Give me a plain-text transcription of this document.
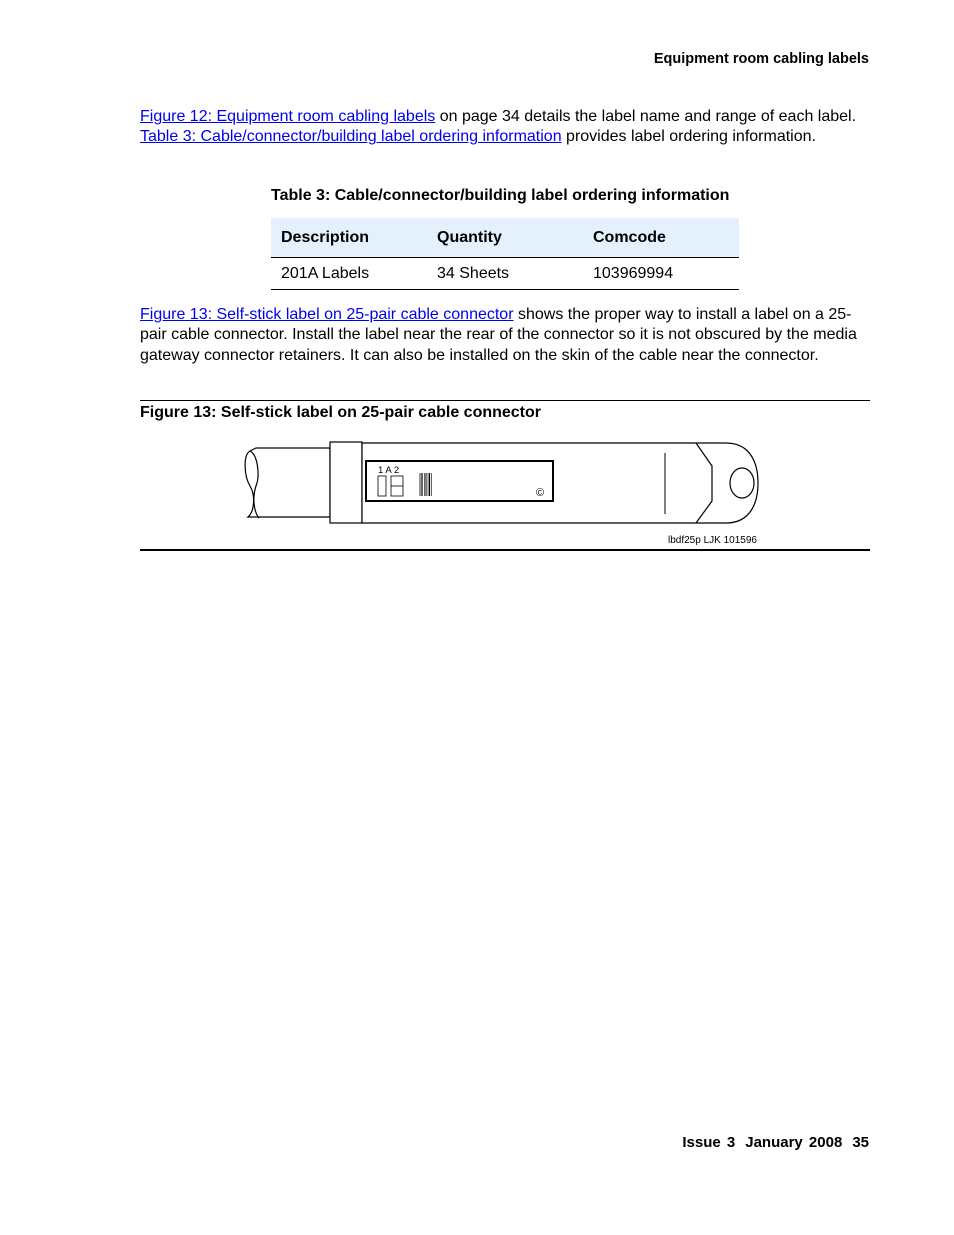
Equipment room cabling labels

Figure 12: Equipment room cabling labels on page 34 details the label name and range of each label. Table 3: Cable/connector/building label ordering information provides label ordering information.

Table 3: Cable/connector/building label ordering information
Description	Quantity	Comcode
201A Labels	34 Sheets	103969994

Figure 13: Self-stick label on 25-pair cable connector shows the proper way to install a label on a 25-pair cable connector. Install the label near the rear of the connector so it is not obscured by the media gateway connector retainers. It can also be installed on the skin of the cable near the connector.

Figure 13: Self-stick label on 25-pair cable connector
1 A 2
©
lbdf25p LJK 101596
Issue 3 January 2008 35
